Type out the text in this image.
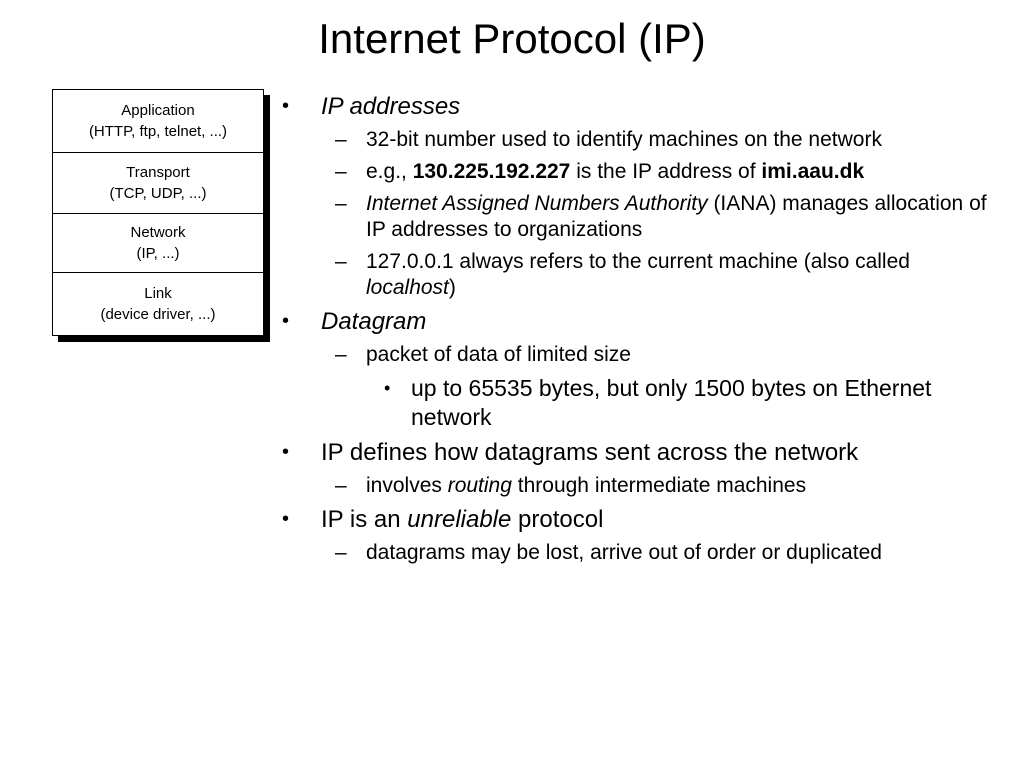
Internet Protocol (IP)
Application
(HTTP, ftp, telnet, ...)
Transport
(TCP, UDP, ...)
Network
(IP, ...)
Link
(device driver, ...)
• IP addresses
– 32-bit number used to identify machines on the network
– e.g., 130.225.192.227 is the IP address of imi.aau.dk
– Internet Assigned Numbers Authority (IANA) manages allocation of IP addresses to organizations
– 127.0.0.1 always refers to the current machine (also called localhost)
• Datagram
– packet of data of limited size
• up to 65535 bytes, but only 1500 bytes on Ethernet network
• IP defines how datagrams sent across the network
– involves routing through intermediate machines
• IP is an unreliable protocol
– datagrams may be lost, arrive out of order or duplicated
